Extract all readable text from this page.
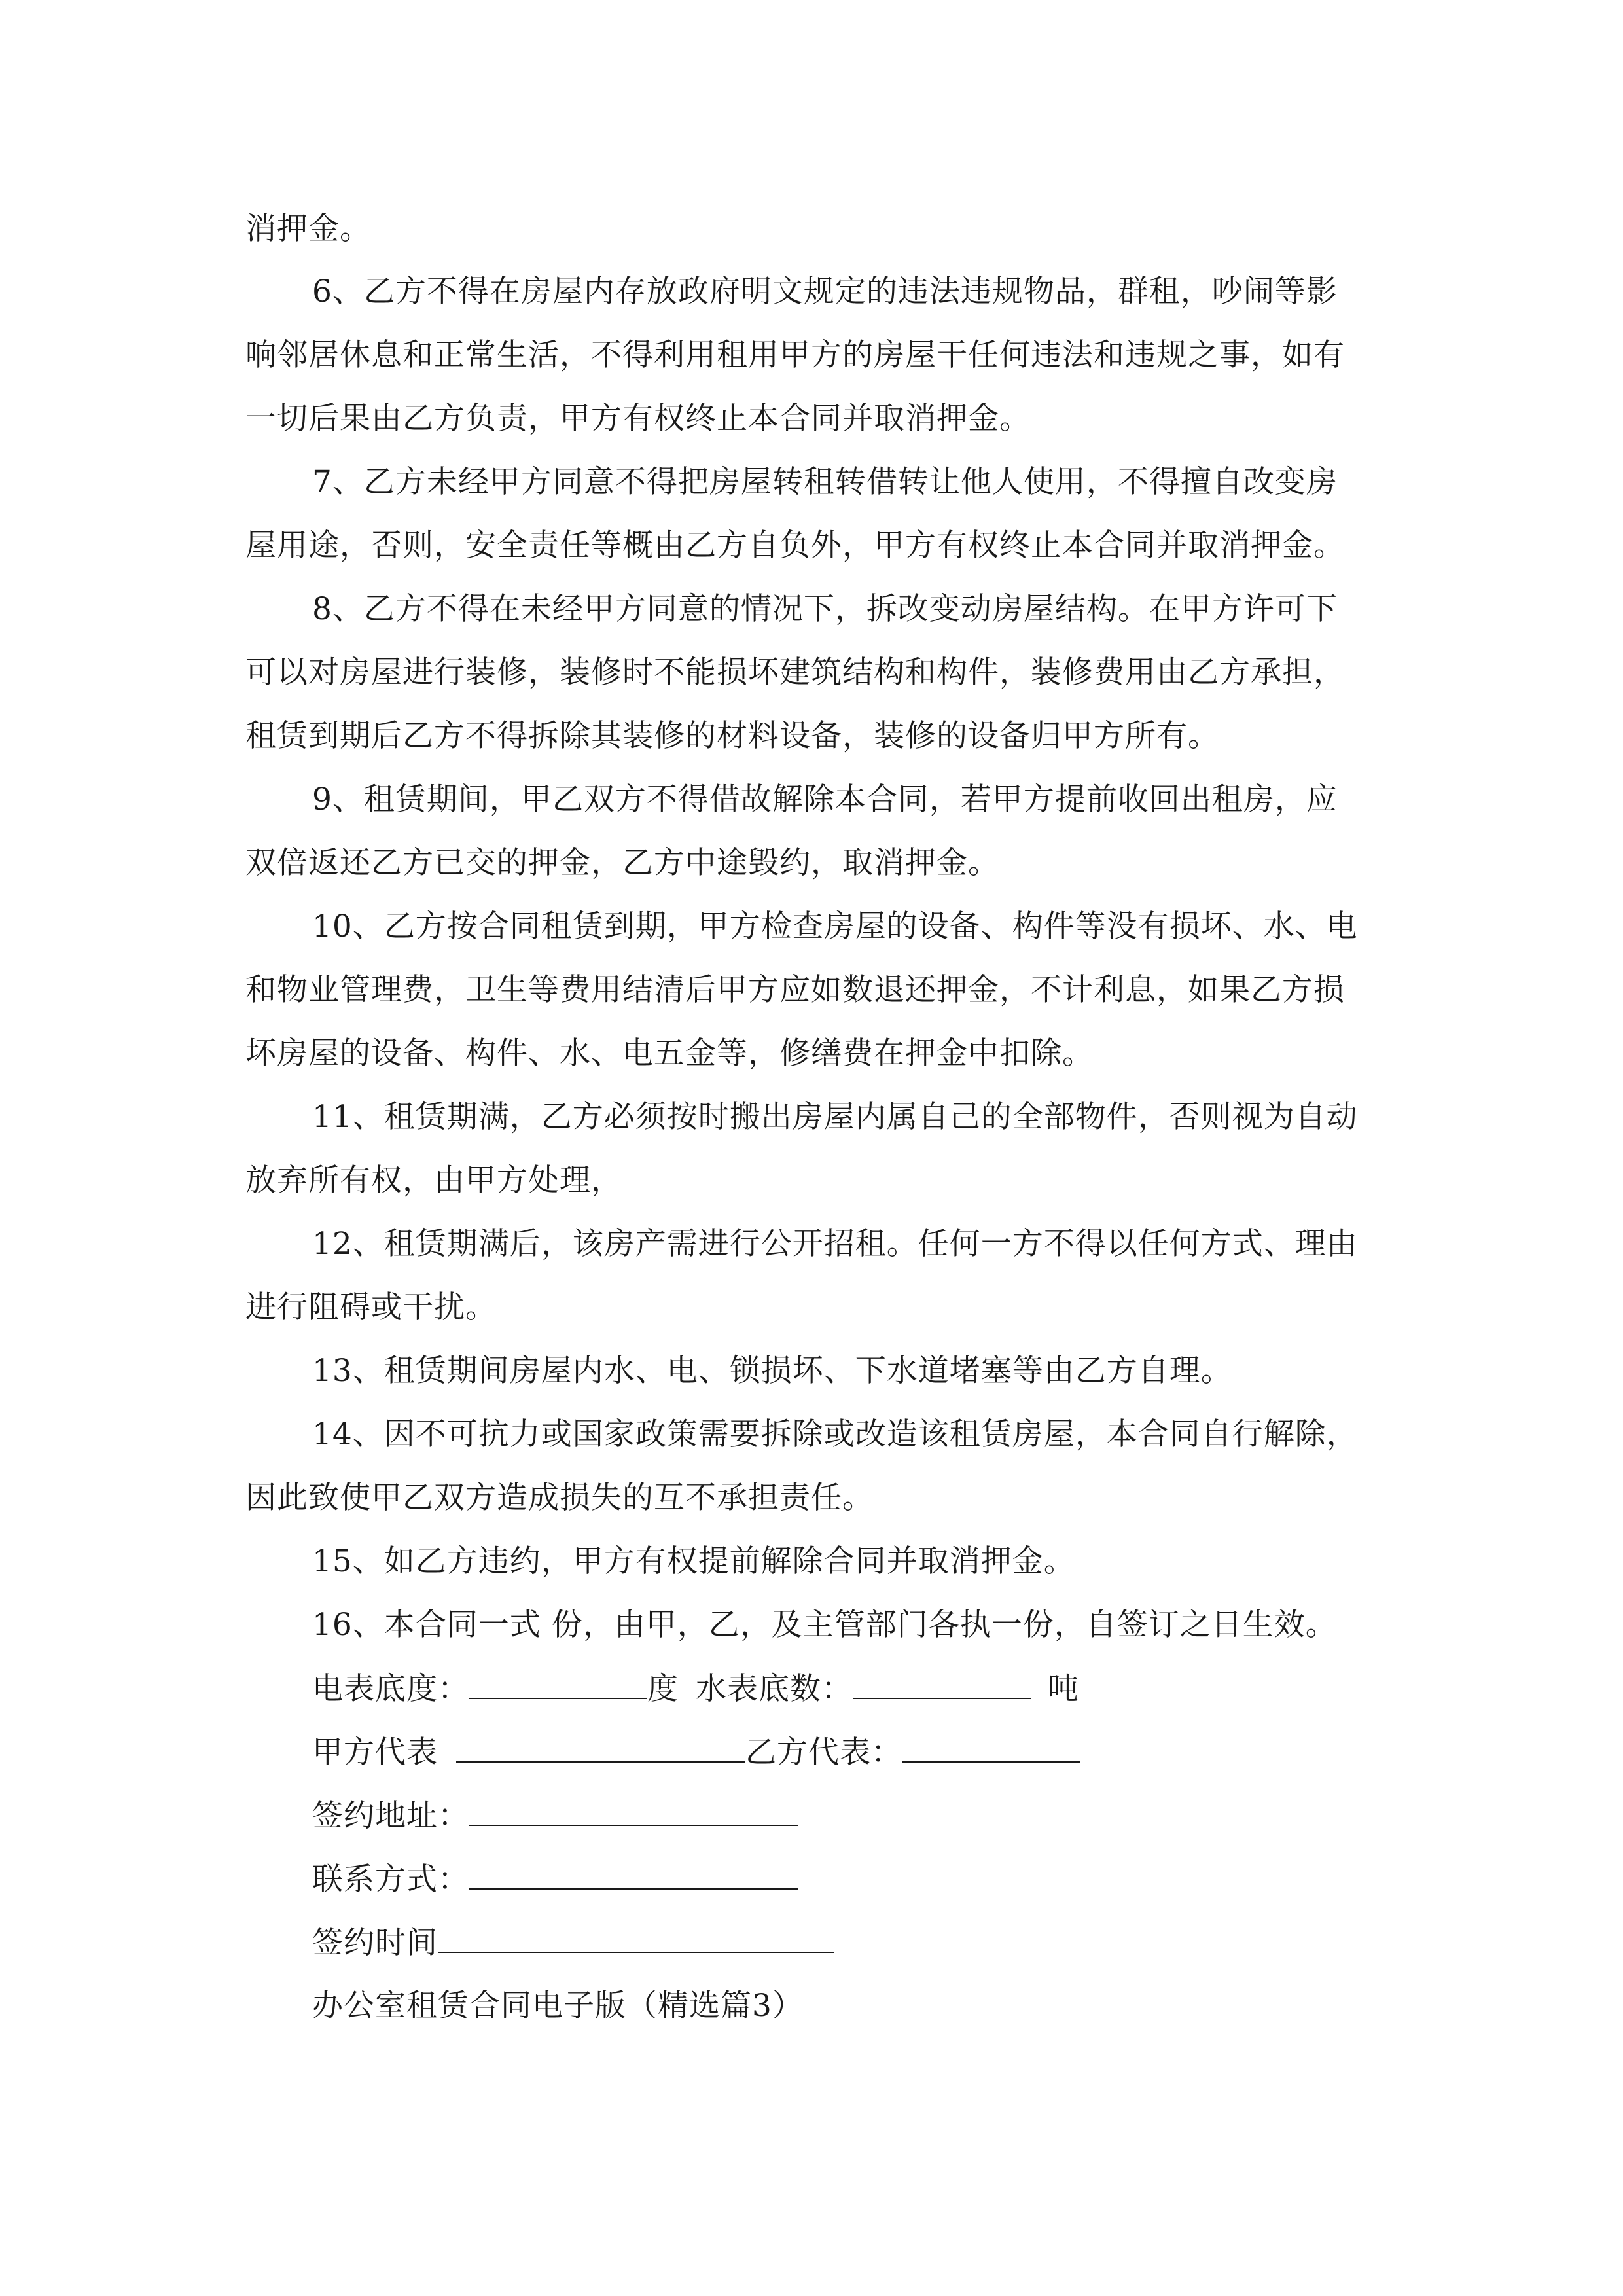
消押金。
6、乙方不得在房屋内存放政府明文规定的违法违规物品，群租，吵闹等影
响邻居休息和正常生活，不得利用租用甲方的房屋干任何违法和违规之事，如有
一切后果由乙方负责，甲方有权终止本合同并取消押金。
7、乙方未经甲方同意不得把房屋转租转借转让他人使用，不得擅自改变房
屋用途，否则，安全责任等概由乙方自负外，甲方有权终止本合同并取消押金。
8、乙方不得在未经甲方同意的情况下，拆改变动房屋结构。在甲方许可下
可以对房屋进行装修，装修时不能损坏建筑结构和构件，装修费用由乙方承担，
租赁到期后乙方不得拆除其装修的材料设备，装修的设备归甲方所有。
9、租赁期间，甲乙双方不得借故解除本合同，若甲方提前收回出租房，应
双倍返还乙方已交的押金，乙方中途毁约，取消押金。
10、乙方按合同租赁到期，甲方检查房屋的设备、构件等没有损坏、水、电
和物业管理费，卫生等费用结清后甲方应如数退还押金，不计利息，如果乙方损
坏房屋的设备、构件、水、电五金等，修缮费在押金中扣除。
11、租赁期满，乙方必须按时搬出房屋内属自己的全部物件，否则视为自动
放弃所有权，由甲方处理，
12、租赁期满后，该房产需进行公开招租。任何一方不得以任何方式、理由
进行阻碍或干扰。
13、租赁期间房屋内水、电、锁损坏、下水道堵塞等由乙方自理。
14、因不可抗力或国家政策需要拆除或改造该租赁房屋，本合同自行解除，
因此致使甲乙双方造成损失的互不承担责任。
15、如乙方违约，甲方有权提前解除合同并取消押金。
16、本合同一式 份，由甲，乙，及主管部门各执一份，自签订之日生效。
电表底度：	度 水表底数：	吨
甲方代表	乙方代表：
签约地址：
联系方式：
签约时间
办公室租赁合同电子版（精选篇3）
